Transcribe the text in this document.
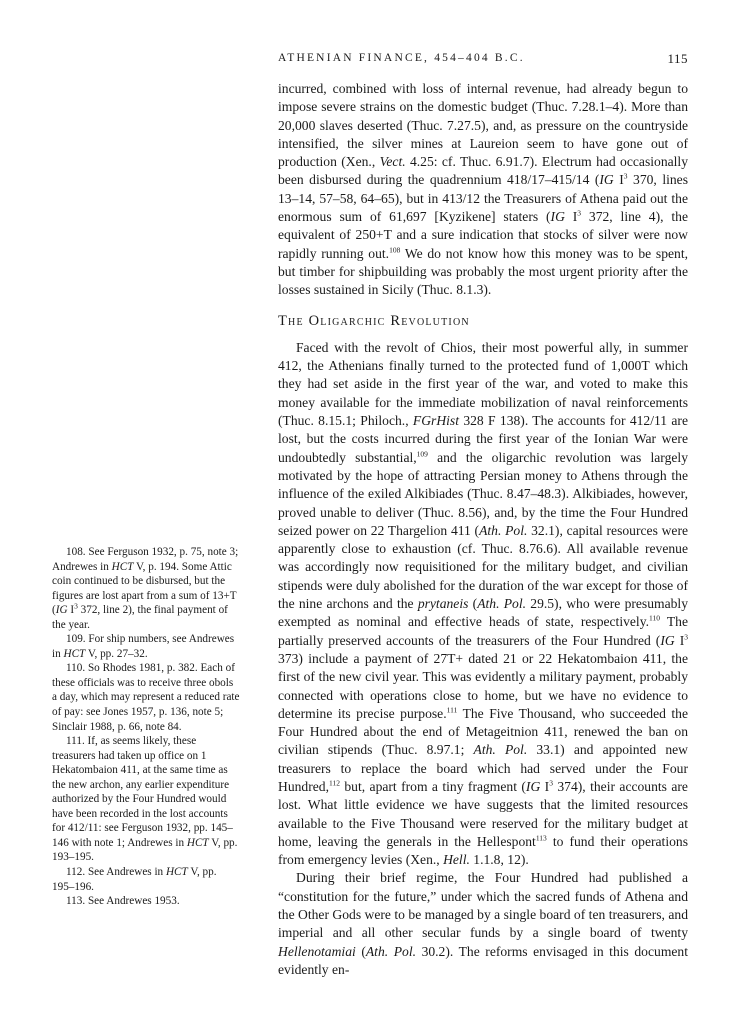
ATHENIAN FINANCE, 454–404 B.C.	115

incurred, combined with loss of internal revenue, had already begun to impose severe strains on the domestic budget (Thuc. 7.28.1–4). More than 20,000 slaves deserted (Thuc. 7.27.5), and, as pressure on the countryside intensified, the silver mines at Laureion seem to have gone out of production (Xen., Vect. 4.25: cf. Thuc. 6.91.7). Electrum had occasionally been disbursed during the quadrennium 418/17–415/14 (IG $I^3$ 370, lines 13–14, 57–58, 64–65), but in 413/12 the Treasurers of Athena paid out the enormous sum of 61,697 [Kyzikene] staters (IG $I^3$ 372, line 4), the equivalent of 250+T and a sure indication that stocks of silver were now rapidly running out.$^{108}$ We do not know how this money was to be spent, but timber for shipbuilding was probably the most urgent priority after the losses sustained in Sicily (Thuc. 8.1.3).

The Oligarchic Revolution

Faced with the revolt of Chios, their most powerful ally, in summer 412, the Athenians finally turned to the protected fund of 1,000T which they had set aside in the first year of the war, and voted to make this money available for the immediate mobilization of naval reinforcements (Thuc. 8.15.1; Philoch., FGrHist 328 F 138). The accounts for 412/11 are lost, but the costs incurred during the first year of the Ionian War were undoubtedly substantial,$^{109}$ and the oligarchic revolution was largely motivated by the hope of attracting Persian money to Athens through the influence of the exiled Alkibiades (Thuc. 8.47–48.3). Alkibiades, however, proved unable to deliver (Thuc. 8.56), and, by the time the Four Hundred seized power on 22 Thargelion 411 (Ath. Pol. 32.1), capital resources were apparently close to exhaustion (cf. Thuc. 8.76.6). All available revenue was accordingly now requisitioned for the military budget, and civilian stipends were duly abolished for the duration of the war except for those of the nine archons and the prytaneis (Ath. Pol. 29.5), who were presumably exempted as nominal and effective heads of state, respectively.$^{110}$ The partially preserved accounts of the treasurers of the Four Hundred (IG $I^3$ 373) include a payment of 27T+ dated 21 or 22 Hekatombaion 411, the first of the new civil year. This was evidently a military payment, probably connected with operations close to home, but we have no evidence to determine its precise purpose.$^{111}$ The Five Thousand, who succeeded the Four Hundred about the end of Metageitnion 411, renewed the ban on civilian stipends (Thuc. 8.97.1; Ath. Pol. 33.1) and appointed new treasurers to replace the board which had served under the Four Hundred,$^{112}$ but, apart from a tiny fragment (IG $I^3$ 374), their accounts are lost. What little evidence we have suggests that the limited resources available to the Five Thousand were reserved for the military budget at home, leaving the generals in the Hellespont$^{113}$ to fund their operations from emergency levies (Xen., Hell. 1.1.8, 12).

During their brief regime, the Four Hundred had published a “constitution for the future,” under which the sacred funds of Athena and the Other Gods were to be managed by a single board of ten treasurers, and imperial and all other secular funds by a single board of twenty Hellenotamiai (Ath. Pol. 30.2). The reforms envisaged in this document evidently en-

108. See Ferguson 1932, p. 75, note 3; Andrewes in HCT V, p. 194. Some Attic coin continued to be disbursed, but the figures are lost apart from a sum of 13+T (IG $I^3$ 372, line 2), the final payment of the year.

109. For ship numbers, see Andrewes in HCT V, pp. 27–32.

110. So Rhodes 1981, p. 382. Each of these officials was to receive three obols a day, which may represent a reduced rate of pay: see Jones 1957, p. 136, note 5; Sinclair 1988, p. 66, note 84.

111. If, as seems likely, these treasurers had taken up office on 1 Hekatombaion 411, at the same time as the new archon, any earlier expenditure authorized by the Four Hundred would have been recorded in the lost accounts for 412/11: see Ferguson 1932, pp. 145–146 with note 1; Andrewes in HCT V, pp. 193–195.

112. See Andrewes in HCT V, pp. 195–196.

113. See Andrewes 1953.
